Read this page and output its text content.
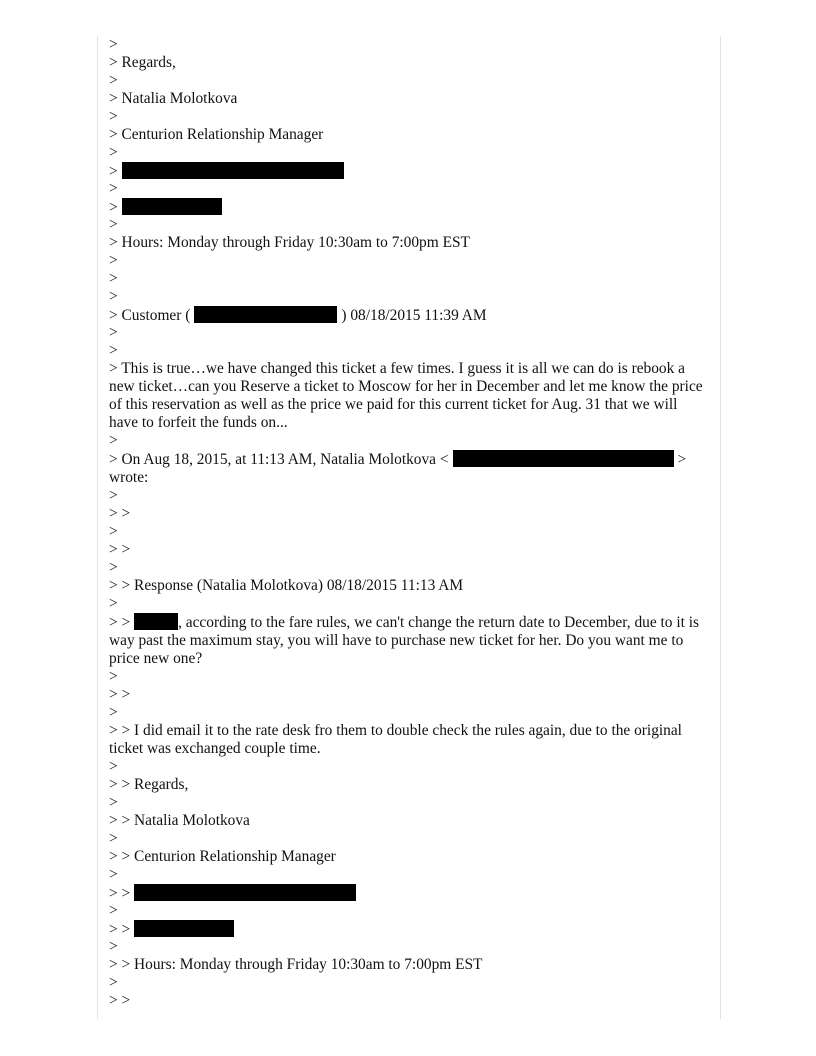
>
> Regards,
>
> Natalia Molotkova
>
> Centurion Relationship Manager
>
>
>
>
>
> Hours: Monday through Friday 10:30am to 7:00pm EST
>
>
>
> Customer (	) 08/18/2015 11:39 AM
>
>
> This is true…we have changed this ticket a few times. I guess it is all we can do is rebook a new ticket…can you Reserve a ticket to Moscow for her in December and let me know the price of this reservation as well as the price we paid for this current ticket for Aug. 31 that we will have to forfeit the funds on...
>
> On Aug 18, 2015, at 11:13 AM, Natalia Molotkova <	> wrote:
>
> >
>
> >
>
> > Response (Natalia Molotkova) 08/18/2015 11:13 AM
>
> >	, according to the fare rules, we can't change the return date to December, due to it is way past the maximum stay, you will have to purchase new ticket for her. Do you want me to price new one?
>
> >
>
> > I did email it to the rate desk fro them to double check the rules again, due to the original ticket was exchanged couple time.
>
> > Regards,
>
> > Natalia Molotkova
>
> > Centurion Relationship Manager
>
> >
>
> >
>
> > Hours: Monday through Friday 10:30am to 7:00pm EST
>
> >
